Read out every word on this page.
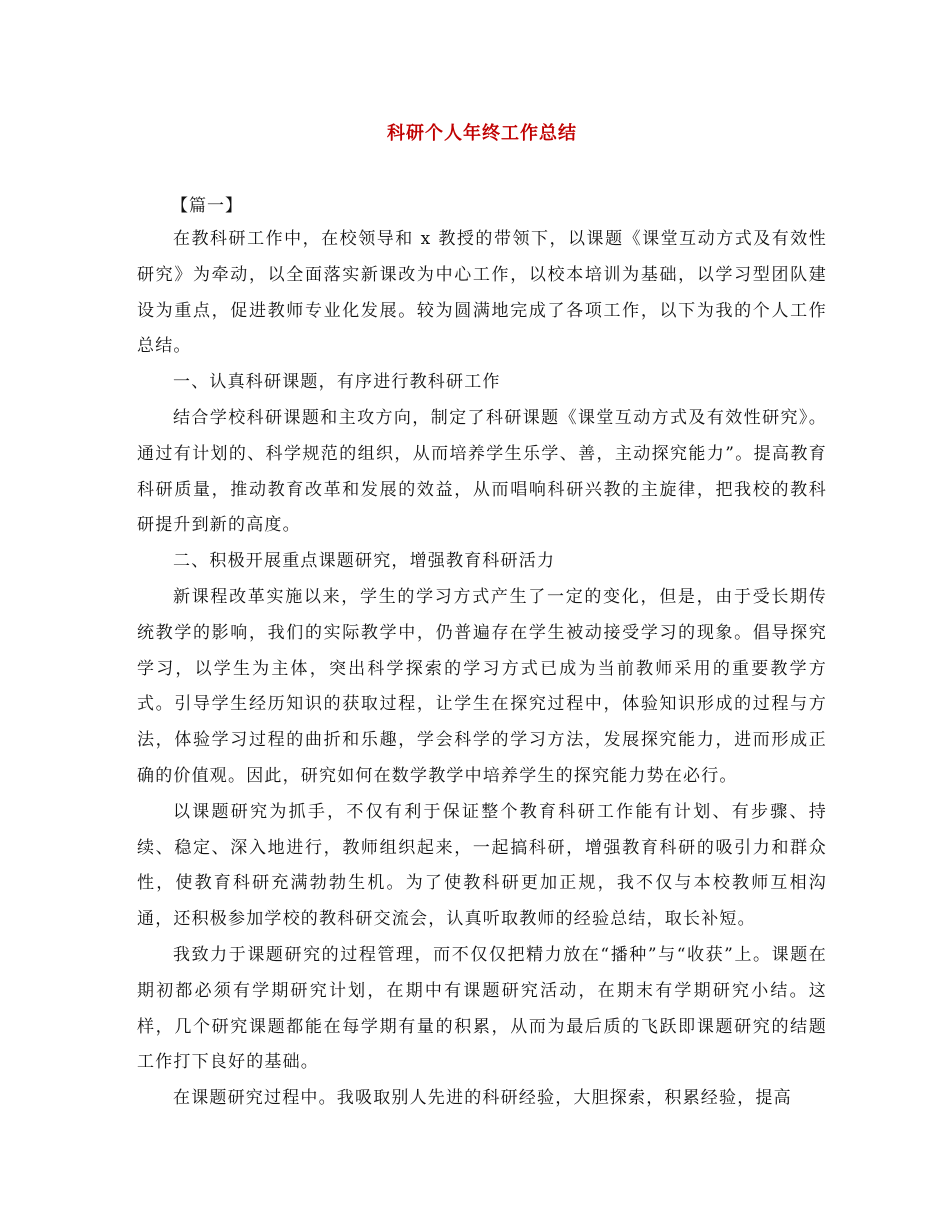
科研个人年终工作总结

【篇一】

在教科研工作中，在校领导和 x 教授的带领下，以课题《课堂互动方式及有效性研究》为牵动，以全面落实新课改为中心工作，以校本培训为基础，以学习型团队建设为重点，促进教师专业化发展。较为圆满地完成了各项工作，以下为我的个人工作总结。

一、认真科研课题，有序进行教科研工作

结合学校科研课题和主攻方向，制定了科研课题《课堂互动方式及有效性研究》。通过有计划的、科学规范的组织，从而培养学生乐学、善，主动探究能力”。提高教育科研质量，推动教育改革和发展的效益，从而唱响科研兴教的主旋律，把我校的教科研提升到新的高度。

二、积极开展重点课题研究，增强教育科研活力

新课程改革实施以来，学生的学习方式产生了一定的变化，但是，由于受长期传统教学的影响，我们的实际教学中，仍普遍存在学生被动接受学习的现象。倡导探究学习，以学生为主体，突出科学探索的学习方式已成为当前教师采用的重要教学方式。引导学生经历知识的获取过程，让学生在探究过程中，体验知识形成的过程与方法，体验学习过程的曲折和乐趣，学会科学的学习方法，发展探究能力，进而形成正确的价值观。因此，研究如何在数学教学中培养学生的探究能力势在必行。

以课题研究为抓手，不仅有利于保证整个教育科研工作能有计划、有步骤、持续、稳定、深入地进行，教师组织起来，一起搞科研，增强教育科研的吸引力和群众性，使教育科研充满勃勃生机。为了使教科研更加正规，我不仅与本校教师互相沟通，还积极参加学校的教科研交流会，认真听取教师的经验总结，取长补短。

我致力于课题研究的过程管理，而不仅仅把精力放在“播种”与“收获”上。课题在期初都必须有学期研究计划，在期中有课题研究活动，在期末有学期研究小结。这样，几个研究课题都能在每学期有量的积累，从而为最后质的飞跃即课题研究的结题工作打下良好的基础。

在课题研究过程中。我吸取别人先进的科研经验，大胆探索，积累经验，提高
